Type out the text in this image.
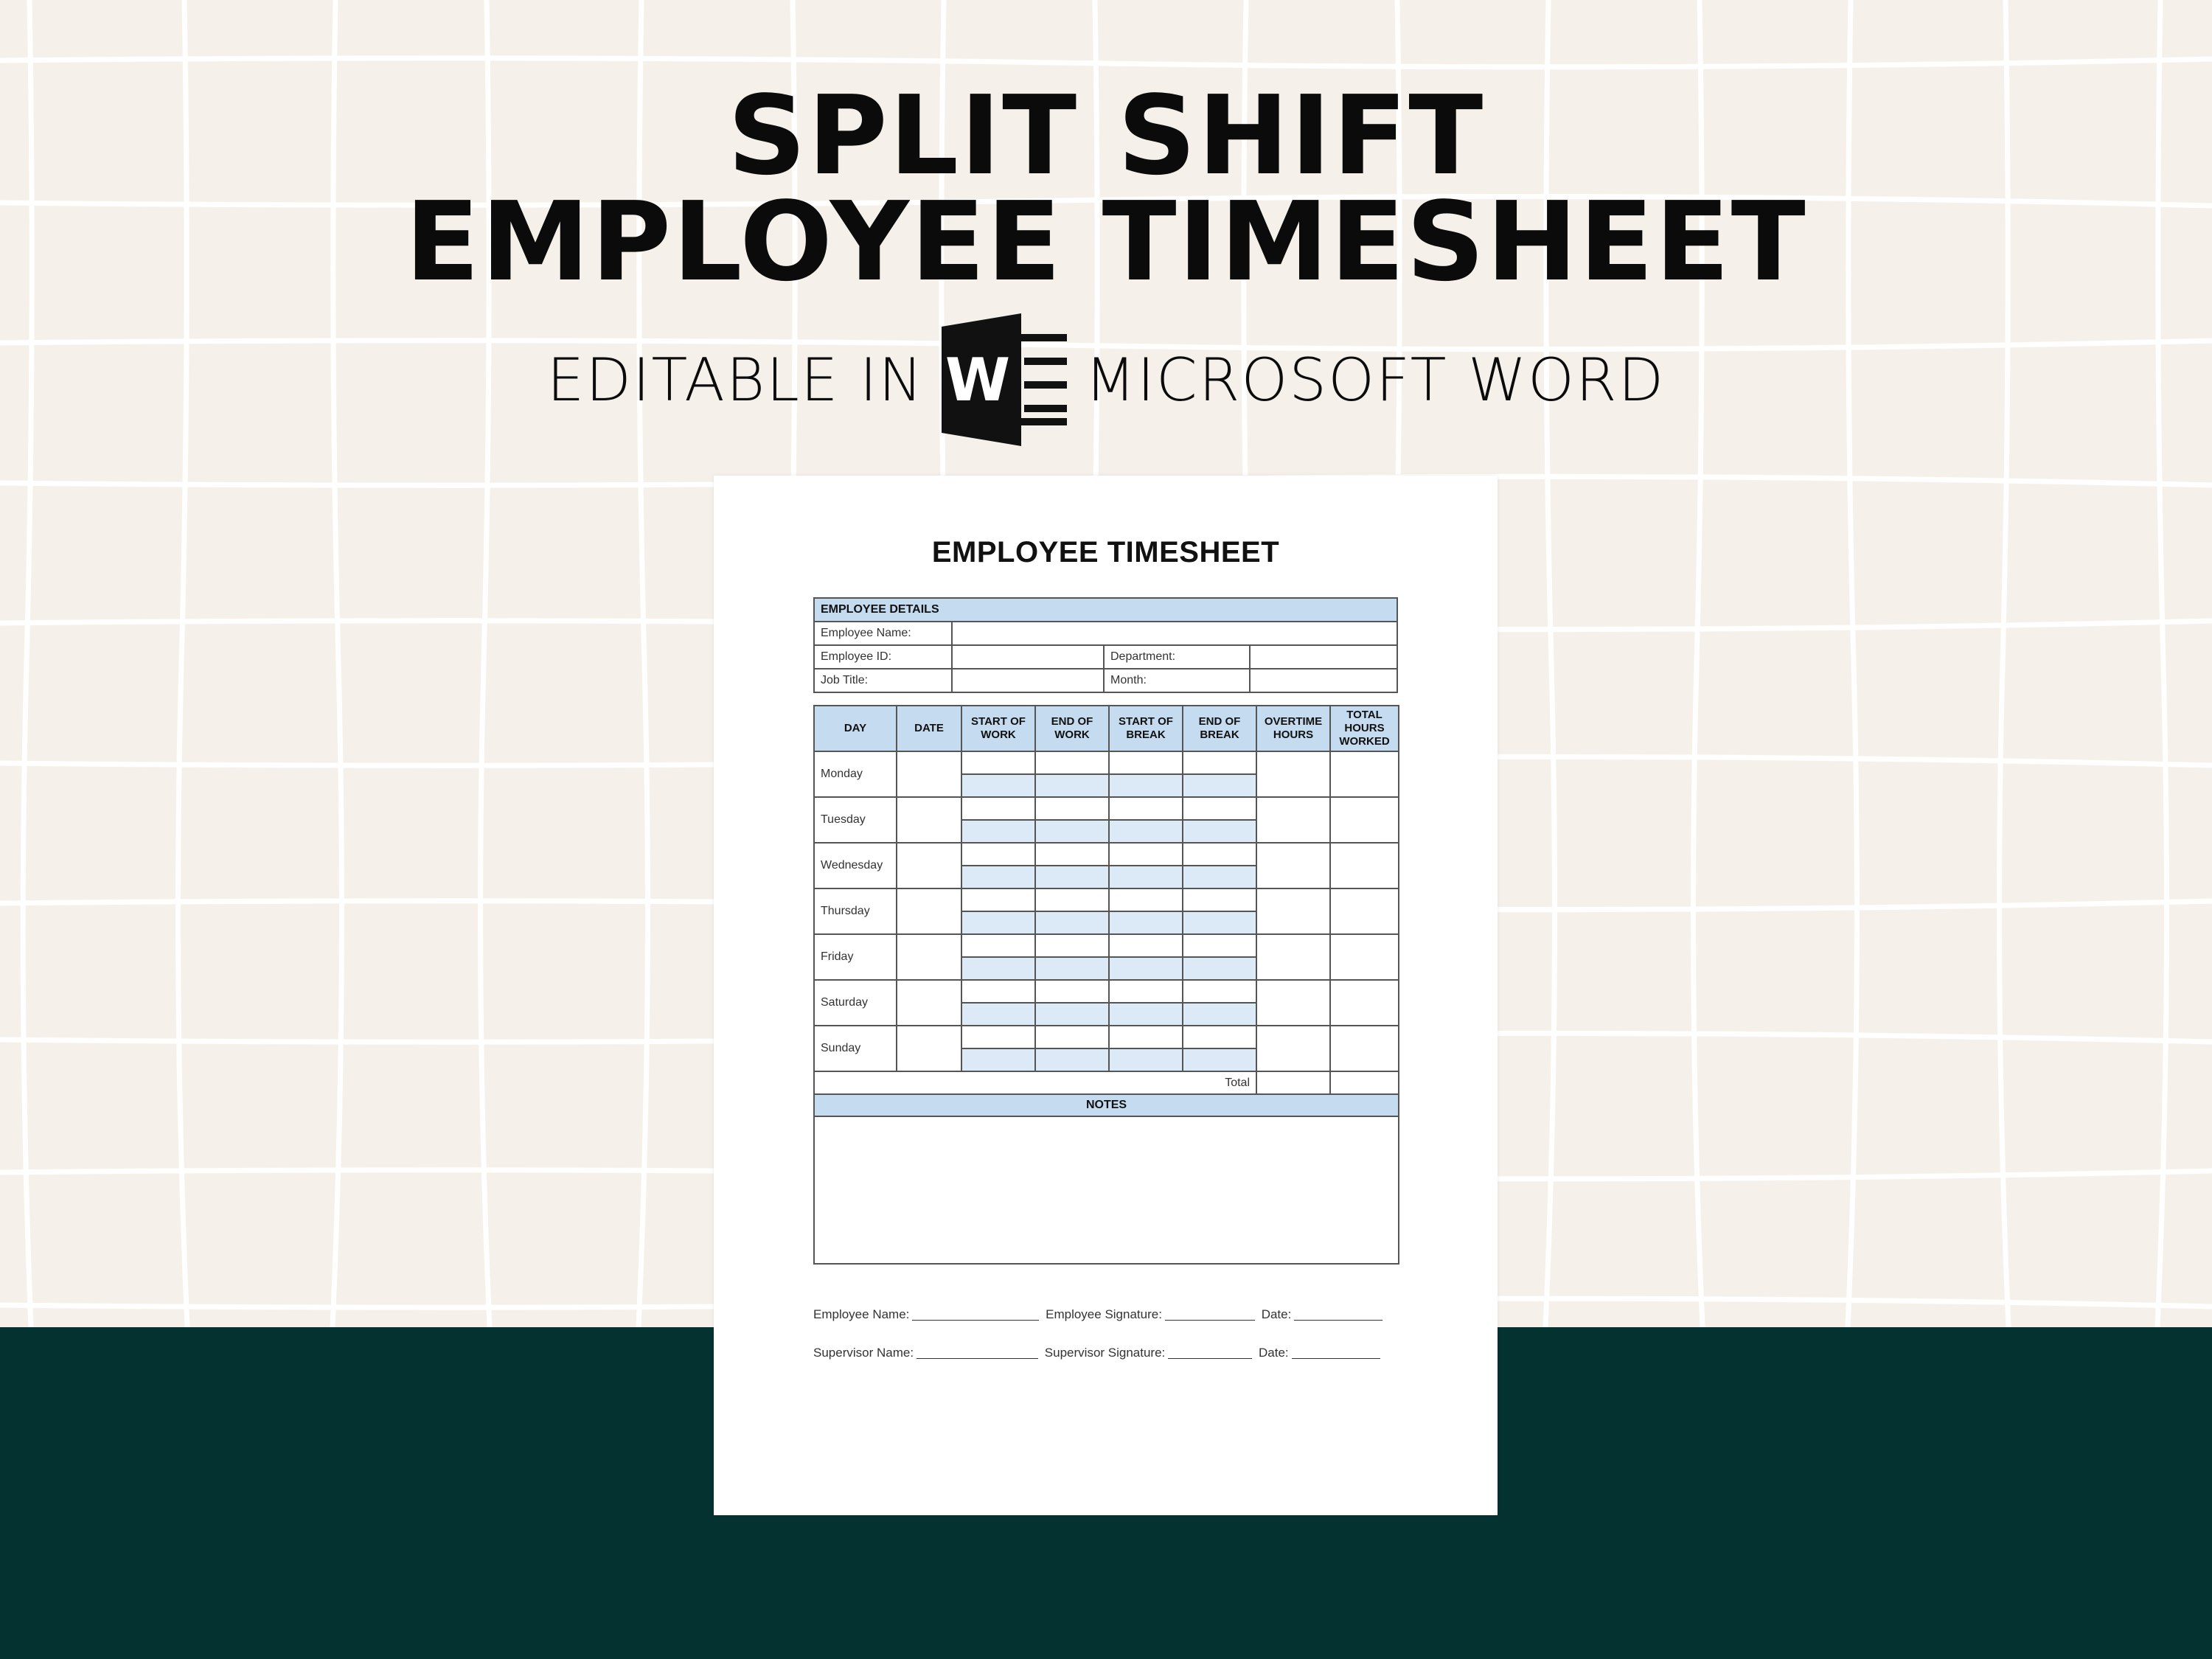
SPLIT SHIFT
EMPLOYEE TIMESHEET
EDITABLE IN W MICROSOFT WORD
EMPLOYEE TIMESHEET
EMPLOYEE DETAILS			
Employee Name:			
Employee ID:		Department:	
Job Title:		Month:	
DAY	DATE	START OF WORK	END OF WORK	START OF BREAK	END OF BREAK	OVERTIME HOURS	TOTAL HOURS WORKED
Monday							

Tuesday							

Wednesday							

Thursday							

Friday							

Saturday							

Sunday							

Total							
NOTES							

Employee Name:	Employee Signature:	Date:
Supervisor Name:	Supervisor Signature:	Date:
